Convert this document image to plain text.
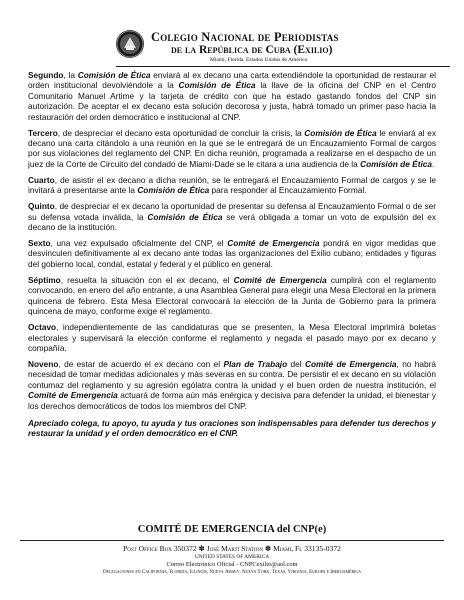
Colegio Nacional de Periodistas
de la República de Cuba (Exilio)
Miami, Florida, Estados Unidos de América

Segundo, la Comisión de Ética enviará al ex decano una carta extendiéndole la oportunidad de restaurar el orden institucional devolviéndole a la Comisión de Ética la llave de la oficina del CNP en el Centro Comunitario Manuel Artime y la tarjeta de crédito con que ha estado gastando fondos del CNP sin autorización. De aceptar el ex decano esta solución decorosa y justa, habrá tomado un primer paso hacia la restauración del orden democrático e institucional al CNP.

Tercero, de despreciar el decano esta oportunidad de concluir la crisis, la Comisión de Ética le enviará al ex decano una carta citándolo a una reunión en la que se le entregará de un Encauzamiento Formal de cargos por sus violaciones del reglamento del CNP. En dicha reunión, programada a realizarse en el despacho de un juez de la Corte de Circuito del condado de Miami-Dade se le citara a una audiencia de la Comisión de Ética.

Cuarto, de asistir el ex decano a dicha reunión, se le entregará el Encauzamiento Formal de cargos y se le invitará a presentarse ante la Comisión de Ética para responder al Encauzamiento Formal.

Quinto, de despreciar el ex decano la oportunidad de presentar su defensa al Encauzamiento Formal o de ser su defensa votada inválida, la Comisión de Ética se verá obligada a tomar un voto de expulsión del ex decano de la institución.

Sexto, una vez expulsado oficialmente del CNP, el Comité de Emergencia pondrá en vigor medidas que desvinculen definitivamente al ex decano ante todas las organizaciones del Exilio cubano; entidades y figuras del gobierno local, condal, estatal y federal y el público en general.

Séptimo, resuelta la situación con el ex decano, el Comité de Emergencia cumplirá con el reglamento convocando, en enero del año entrante, a una Asamblea General para elegir una Mesa Electoral en la primera quincena de febrero. Esta Mesa Electoral convocará la elección de la Junta de Gobierno para la primera quincena de mayo, conforme exige el reglamento.

Octavo, independientemente de las candidaturas que se presenten, la Mesa Electoral imprimirá boletas electorales y supervisará la elección conforme el reglamento y negada el pasado mayo por ex decano y compañía.

Noveno, de estar de acuerdo el ex decano con el Plan de Trabajo del Comité de Emergencia, no habrá necesidad de tomar medidas adicionales y más severas en su contra. De persistir el ex decano en su violación contumaz del reglamento y su agresión ególatra contra la unidad y el buen orden de nuestra institución, el Comité de Emergencia actuará de forma aún más enérgica y decisiva para defender la unidad, el bienestar y los derechos democráticos de todos los miembros del CNP.

Apreciado colega, tu apoyo, tu ayuda y tus oraciones son indispensables para defender tus derechos y restaurar la unidad y el orden democrático en el CNP.

COMITÉ DE EMERGENCIA del CNP(e)
Post Office Box 350372 ✽ José Martí Station ✽ Miami, Fl 33135-0372
UNITED STATES OF AMERICA
Correo Electrónico Oficial - CNPCexilio@aol.com
Delegaciones en California, Florida, Illinois, Nueva Jersey, Nueva York, Texas, Virginia, Europa e Iberoamérica
